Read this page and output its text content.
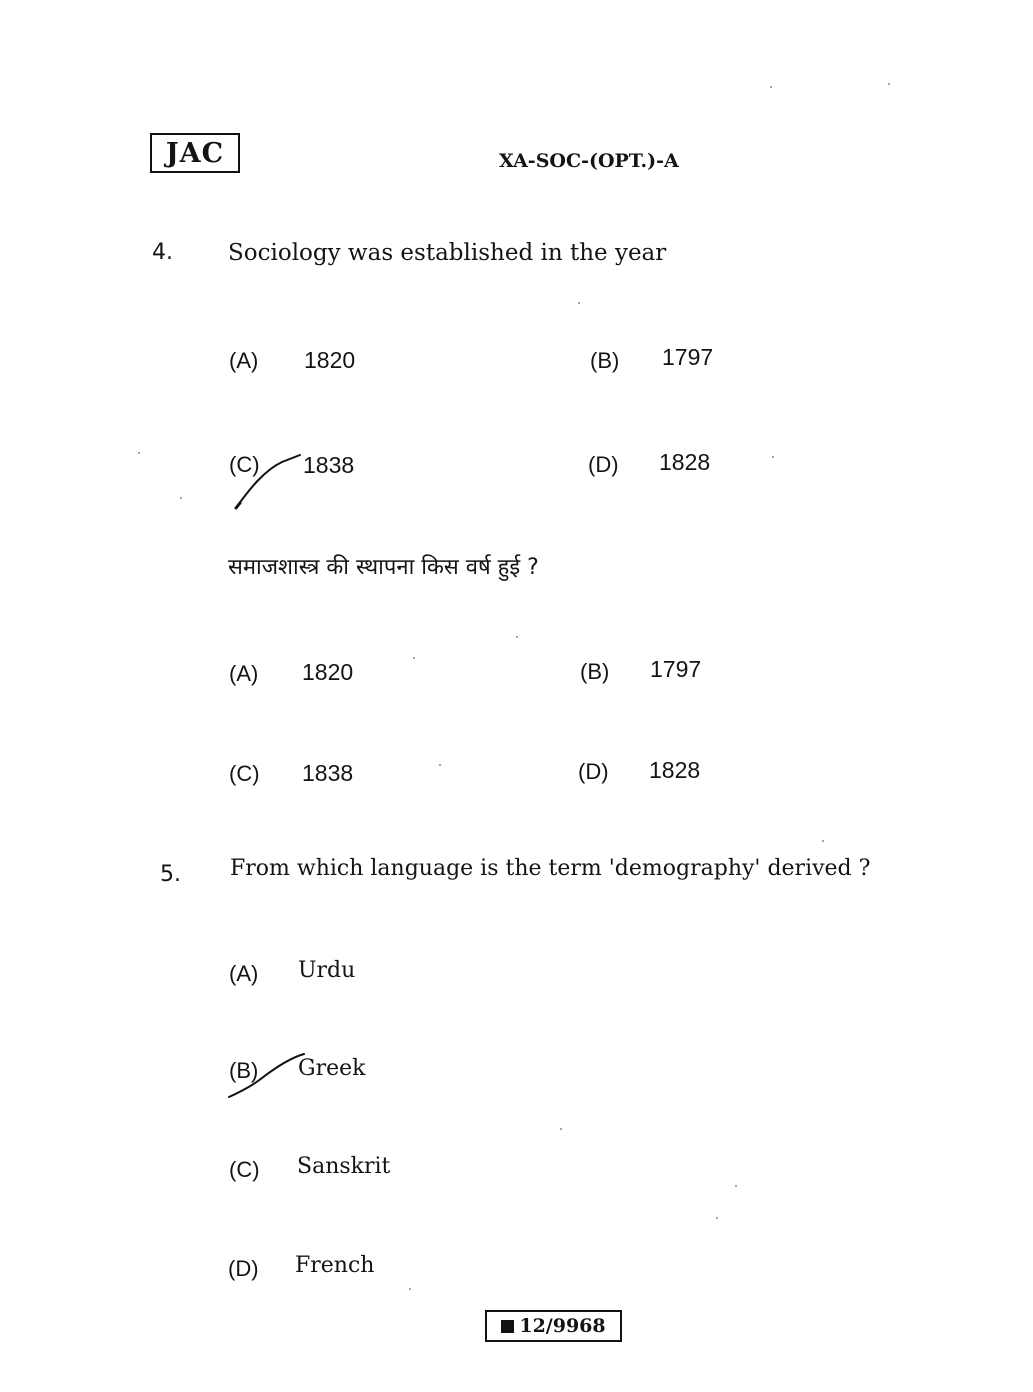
JAC	XA-SOC-(OPT.)-A
4. Sociology was established in the year
(A) 1820	(B) 1797
(C) 1838	(D) 1828
समाजशास्त्र की स्थापना किस वर्ष हुई ?
(A) 1820	(B) 1797
(C) 1838	(D) 1828
5. From which language is the term 'demography' derived ?
(A) Urdu
(B) Greek
(C) Sanskrit
(D) French
12/9968
